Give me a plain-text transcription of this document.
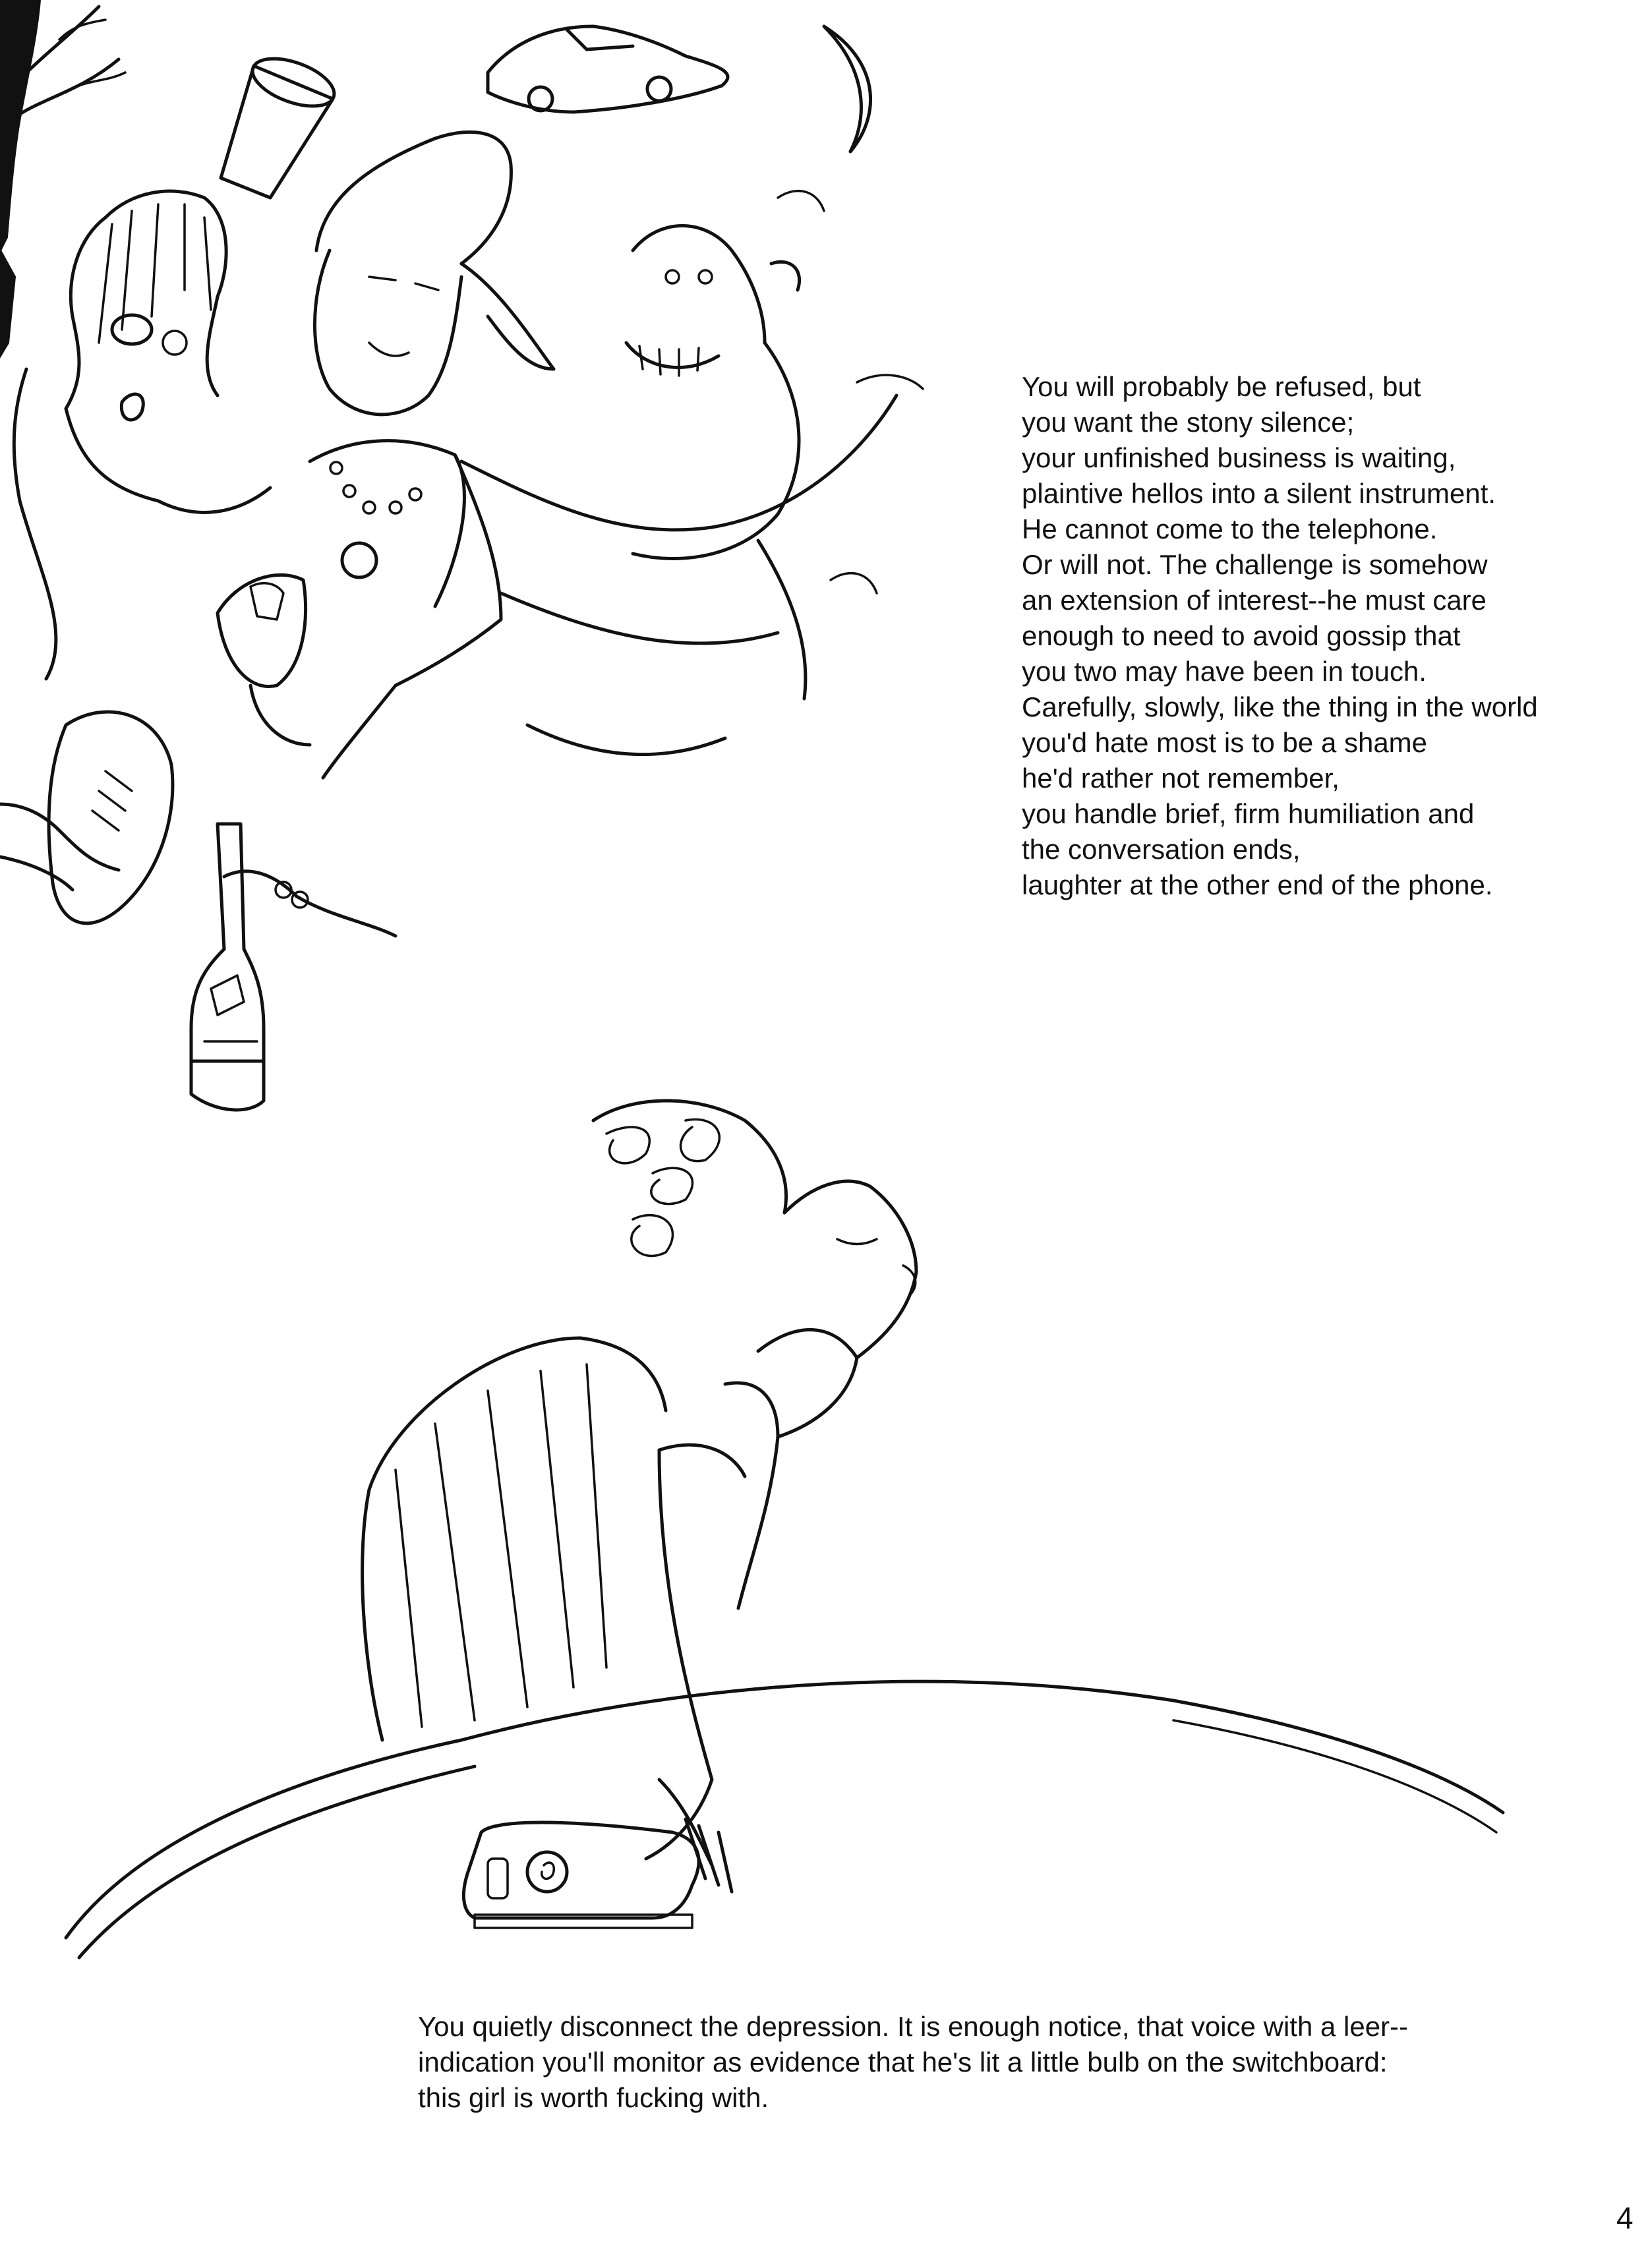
You will probably be refused, but
you want the stony silence;
your unfinished business is waiting,
plaintive hellos into a silent instrument.
He cannot come to the telephone.
Or will not. The challenge is somehow
an extension of interest--he must care
enough to need to avoid gossip that
you two may have been in touch.
Carefully, slowly, like the thing in the world
you'd hate most is to be a shame
he'd rather not remember,
you handle brief, firm humiliation and
the conversation ends,
laughter at the other end of the phone.
You quietly disconnect the depression. It is enough notice, that voice with a leer--
indication you'll monitor as evidence that he's lit a little bulb on the switchboard:
this girl is worth fucking with.
4
